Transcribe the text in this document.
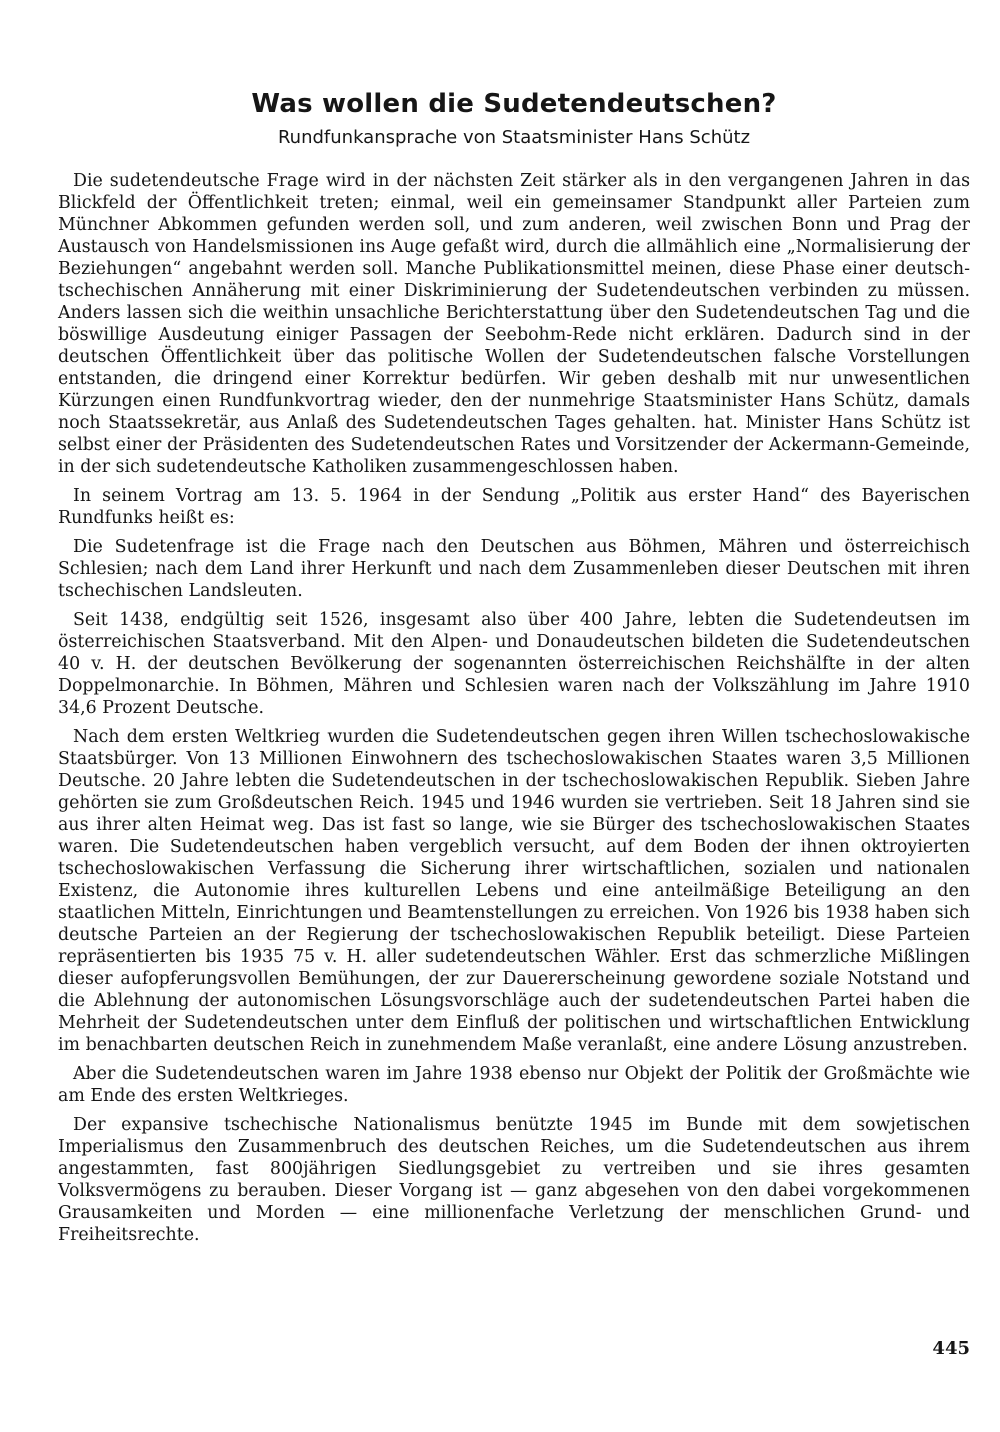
Was wollen die Sudetendeutschen?
Rundfunkansprache von Staatsminister Hans Schütz

Die sudetendeutsche Frage wird in der nächsten Zeit stärker als in den vergangenen Jahren in das Blickfeld der Öffentlichkeit treten; einmal, weil ein gemeinsamer Standpunkt aller Parteien zum Münchner Abkommen gefunden werden soll, und zum anderen, weil zwischen Bonn und Prag der Austausch von Handelsmissionen ins Auge gefaßt wird, durch die allmählich eine „Normalisierung der Beziehungen“ angebahnt werden soll. Manche Publikationsmittel meinen, diese Phase einer deutsch-tschechischen Annäherung mit einer Diskriminierung der Sudetendeutschen verbinden zu müssen. Anders lassen sich die weithin unsachliche Berichterstattung über den Sudetendeutschen Tag und die böswillige Ausdeutung einiger Passagen der Seebohm-Rede nicht erklären. Dadurch sind in der deutschen Öffentlichkeit über das politische Wollen der Sudetendeutschen falsche Vorstellungen entstanden, die dringend einer Korrektur bedürfen. Wir geben deshalb mit nur unwesentlichen Kürzungen einen Rundfunkvortrag wieder, den der nunmehrige Staatsminister Hans Schütz, damals noch Staatssekretär, aus Anlaß des Sudetendeutschen Tages gehalten. hat. Minister Hans Schütz ist selbst einer der Präsidenten des Sudetendeutschen Rates und Vorsitzender der Ackermann-Gemeinde, in der sich sudetendeutsche Katholiken zusammengeschlossen haben.

In seinem Vortrag am 13. 5. 1964 in der Sendung „Politik aus erster Hand“ des Bayerischen Rundfunks heißt es:

Die Sudetenfrage ist die Frage nach den Deutschen aus Böhmen, Mähren und österreichisch Schlesien; nach dem Land ihrer Herkunft und nach dem Zusammenleben dieser Deutschen mit ihren tschechischen Landsleuten.

Seit 1438, endgültig seit 1526, insgesamt also über 400 Jahre, lebten die Sudetendeutsen im österreichischen Staatsverband. Mit den Alpen- und Donaudeutschen bildeten die Sudetendeutschen 40 v. H. der deutschen Bevölkerung der sogenannten österreichischen Reichshälfte in der alten Doppelmonarchie. In Böhmen, Mähren und Schlesien waren nach der Volkszählung im Jahre 1910 34,6 Prozent Deutsche.

Nach dem ersten Weltkrieg wurden die Sudetendeutschen gegen ihren Willen tschechoslowakische Staatsbürger. Von 13 Millionen Einwohnern des tschechoslowakischen Staates waren 3,5 Millionen Deutsche. 20 Jahre lebten die Sudetendeutschen in der tschechoslowakischen Republik. Sieben Jahre gehörten sie zum Großdeutschen Reich. 1945 und 1946 wurden sie vertrieben. Seit 18 Jahren sind sie aus ihrer alten Heimat weg. Das ist fast so lange, wie sie Bürger des tschechoslowakischen Staates waren. Die Sudetendeutschen haben vergeblich versucht, auf dem Boden der ihnen oktroyierten tschechoslowakischen Verfassung die Sicherung ihrer wirtschaftlichen, sozialen und nationalen Existenz, die Autonomie ihres kulturellen Lebens und eine anteilmäßige Beteiligung an den staatlichen Mitteln, Einrichtungen und Beamtenstellungen zu erreichen. Von 1926 bis 1938 haben sich deutsche Parteien an der Regierung der tschechoslowakischen Republik beteiligt. Diese Parteien repräsentierten bis 1935 75 v. H. aller sudetendeutschen Wähler. Erst das schmerzliche Mißlingen dieser aufopferungsvollen Bemühungen, der zur Dauererscheinung gewordene soziale Notstand und die Ablehnung der autonomischen Lösungsvorschläge auch der sudetendeutschen Partei haben die Mehrheit der Sudetendeutschen unter dem Einfluß der politischen und wirtschaftlichen Entwicklung im benachbarten deutschen Reich in zunehmendem Maße veranlaßt, eine andere Lösung anzustreben.

Aber die Sudetendeutschen waren im Jahre 1938 ebenso nur Objekt der Politik der Großmächte wie am Ende des ersten Weltkrieges.

Der expansive tschechische Nationalismus benützte 1945 im Bunde mit dem sowjetischen Imperialismus den Zusammenbruch des deutschen Reiches, um die Sudetendeutschen aus ihrem angestammten, fast 800jährigen Siedlungsgebiet zu vertreiben und sie ihres gesamten Volksvermögens zu berauben. Dieser Vorgang ist — ganz abgesehen von den dabei vorgekommenen Grausamkeiten und Morden — eine millionenfache Verletzung der menschlichen Grund- und Freiheitsrechte.

445
